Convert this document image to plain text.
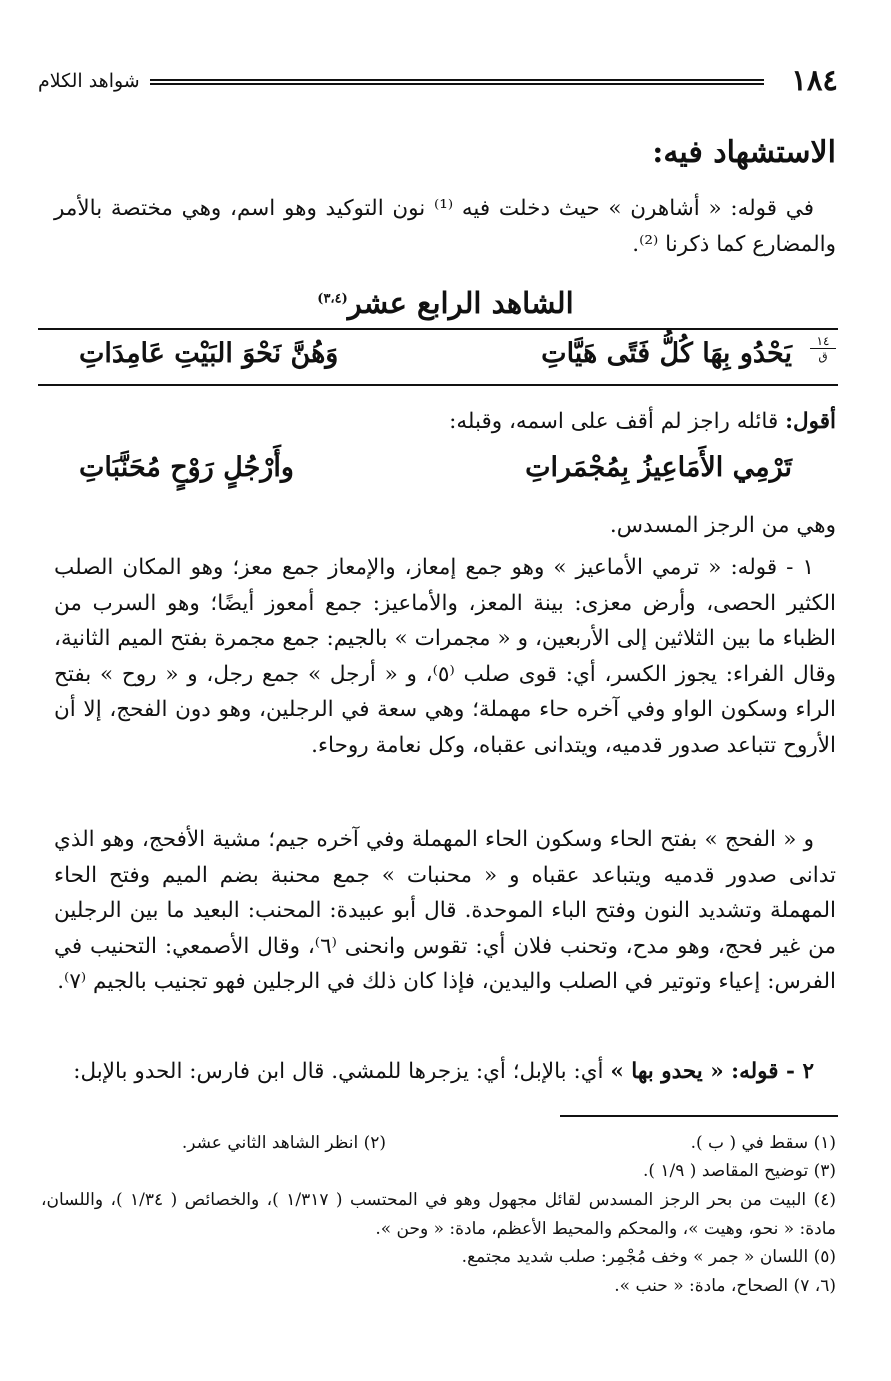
١٨٤
شواهد الكلام
الاستشهاد فيه:
في قوله: « أشاهرن » حيث دخلت فيه ⁽¹⁾ نون التوكيد وهو اسم، وهي مختصة بالأمر والمضارع كما ذكرنا ⁽²⁾.
الشاهد الرابع عشر$^{(٣،٤)}$
١٤
ق
يَحْدُو بِهَا كُلُّ فَتًى هَيَّاتِ
وَهُنَّ نَحْوَ البَيْتِ عَامِدَاتِ
أقول: قائله راجز لم أقف على اسمه، وقبله:
تَرْمِي الأَمَاعِيزُ بِمُجْمَراتِ
وأَرْجُلٍ رَوْحٍ مُحَنَّبَاتِ
وهي من الرجز المسدس.
١ - قوله: « ترمي الأماعيز » وهو جمع إمعاز، والإمعاز جمع معز؛ وهو المكان الصلب الكثير الحصى، وأرض معزى: بينة المعز، والأماعيز: جمع أمعوز أيضًا؛ وهو السرب من الظباء ما بين الثلاثين إلى الأربعين، و « مجمرات » بالجيم: جمع مجمرة بفتح الميم الثانية، وقال الفراء: يجوز الكسر، أي: قوى صلب ⁽٥⁾، و « أرجل » جمع رجل، و « روح » بفتح الراء وسكون الواو وفي آخره حاء مهملة؛ وهي سعة في الرجلين، وهو دون الفحج، إلا أن الأروح تتباعد صدور قدميه، ويتدانى عقباه، وكل نعامة روحاء.
و « الفحج » بفتح الحاء وسكون الحاء المهملة وفي آخره جيم؛ مشية الأفحج، وهو الذي تدانى صدور قدميه ويتباعد عقباه و « محنبات » جمع محنبة بضم الميم وفتح الحاء المهملة وتشديد النون وفتح الباء الموحدة. قال أبو عبيدة: المحنب: البعيد ما بين الرجلين من غير فحج، وهو مدح، وتحنب فلان أي: تقوس وانحنى ⁽٦⁾، وقال الأصمعي: التحنيب في الفرس: إعياء وتوتير في الصلب واليدين، فإذا كان ذلك في الرجلين فهو تجنيب بالجيم ⁽٧⁾.
٢ - قوله: « يحدو بها » أي: بالإبل؛ أي: يزجرها للمشي. قال ابن فارس: الحدو بالإبل:
(١) سقط في ( ب ).
(٢) انظر الشاهد الثاني عشر.
(٣) توضيح المقاصد ( ١/٩ ).
(٤) البيت من بحر الرجز المسدس لقائل مجهول وهو في المحتسب ( ١/٣١٧ )، والخصائص ( ١/٣٤ )، واللسان، مادة: « نحو، وهيت »، والمحكم والمحيط الأعظم، مادة: « وحن ».
(٥) اللسان « جمر » وخف مُجْمِر: صلب شديد مجتمع.
(٦، ٧) الصحاح، مادة: « حنب ».
